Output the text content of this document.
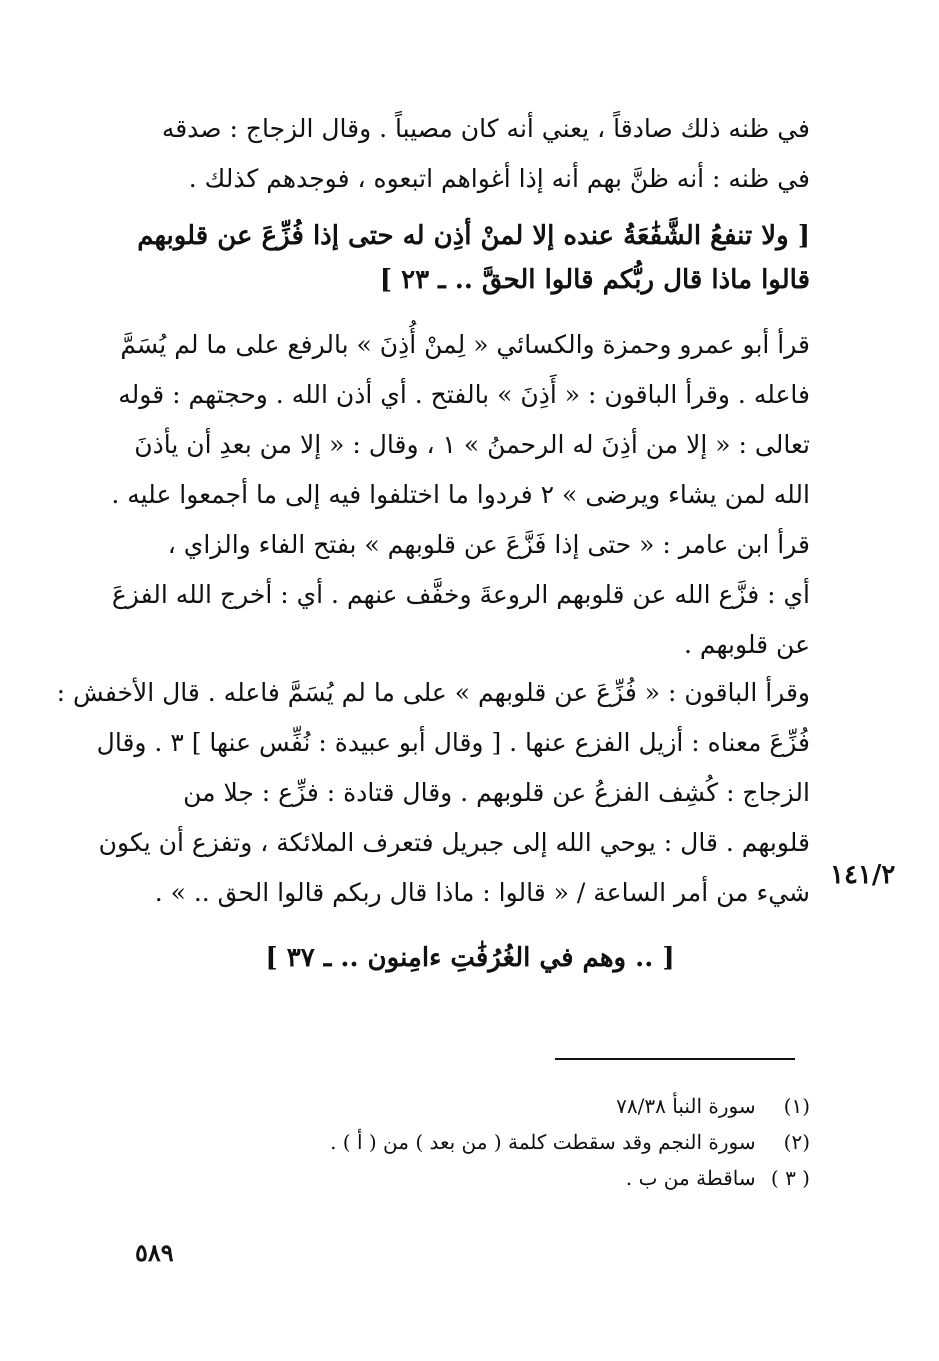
في ظنه ذلك صادقاً ، يعني أنه كان مصيباً . وقال الزجاج : صدقه
في ظنه : أنه ظنَّ بهم أنه إذا أغواهم اتبعوه ، فوجدهم كذلك .
[ ولا تنفعُ الشَّفَٰعَةُ عنده إلا لمنْ أذِن له حتى إذا فُزِّعَ عن قلوبهم
قالوا ماذا قال ربُّكم قالوا الحقَّ .. ـ ٢٣ ]
قرأ أبو عمرو وحمزة والكسائي « لِمنْ أُذِنَ » بالرفع على ما لم يُسَمَّ
فاعله . وقرأ الباقون : « أَذِنَ » بالفتح . أي أذن الله . وحجتهم : قوله
تعالى : « إلا من أذِنَ له الرحمنُ » ١ ، وقال : « إلا من بعدِ أن يأذنَ
الله لمن يشاء ويرضى » ٢ فردوا ما اختلفوا فيه إلى ما أجمعوا عليه .
قرأ ابن عامر : « حتى إذا فَزَّعَ عن قلوبهم » بفتح الفاء والزاي ،
أي : فزَّع الله عن قلوبهم الروعةَ وخفَّف عنهم . أي : أخرج الله الفزعَ
عن قلوبهم .
وقرأ الباقون : « فُزِّعَ عن قلوبهم » على ما لم يُسَمَّ فاعله . قال الأخفش :
فُزِّعَ معناه : أزيل الفزع عنها . [ وقال أبو عبيدة : نُفِّس عنها ] ٣ . وقال
الزجاج : كُشِف الفزعُ عن قلوبهم . وقال قتادة : فزِّع : جلا من
قلوبهم . قال : يوحي الله إلى جبريل فتعرف الملائكة ، وتفزع أن يكون
شيء من أمر الساعة / « قالوا : ماذا قال ربكم قالوا الحق .. » .
١٤١/٢
[ .. وهم في الغُرُفَٰتِ ءامِنون .. ـ ٣٧ ]
(١) سورة النبأ ٧٨/٣٨
(٢) سورة النجم وقد سقطت كلمة ( من بعد ) من ( أ ) .
( ٣ ) ساقطة من ب .
٥٨٩
